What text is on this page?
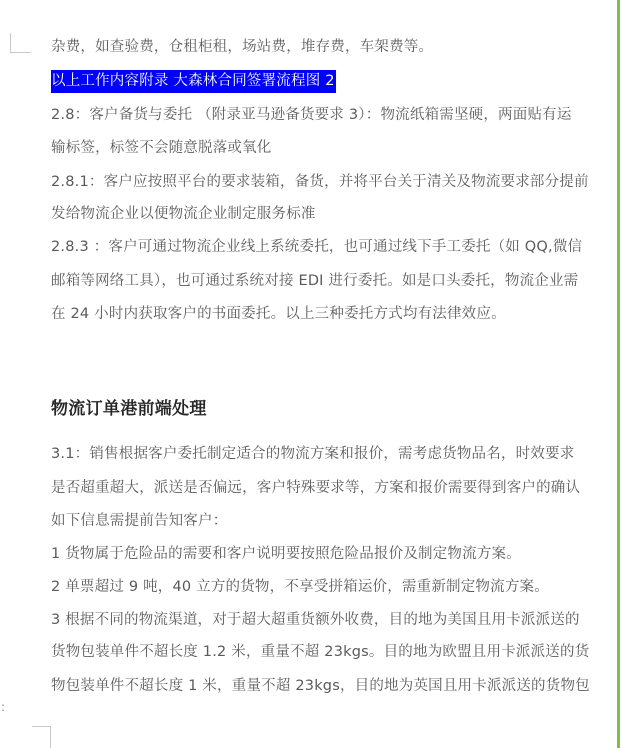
杂费，如查验费，仓租柜租，场站费，堆存费，车架费等。
以上工作内容附录 大森林合同签署流程图 2
2.8：客户备货与委托 （附录亚马逊备货要求 3）：物流纸箱需坚硬，两面贴有运
输标签，标签不会随意脱落或氧化
2.8.1：客户应按照平台的要求装箱，备货，并将平台关于清关及物流要求部分提前
发给物流企业以便物流企业制定服务标准
2.8.3 ：客户可通过物流企业线上系统委托，也可通过线下手工委托（如 QQ,微信
邮箱等网络工具），也可通过系统对接 EDI 进行委托。如是口头委托，物流企业需
在 24 小时内获取客户的书面委托。以上三种委托方式均有法律效应。
物流订单港前端处理
3.1：销售根据客户委托制定适合的物流方案和报价，需考虑货物品名，时效要求
是否超重超大，派送是否偏远，客户特殊要求等，方案和报价需要得到客户的确认
如下信息需提前告知客户：
1 货物属于危险品的需要和客户说明要按照危险品报价及制定物流方案。
2 单票超过 9 吨，40 立方的货物，不享受拼箱运价，需重新制定物流方案。
3 根据不同的物流渠道，对于超大超重货额外收费，目的地为美国且用卡派派送的
货物包装单件不超长度 1.2 米，重量不超 23kgs。目的地为欧盟且用卡派派送的货
物包装单件不超长度 1 米，重量不超 23kgs，目的地为英国且用卡派派送的货物包
:
